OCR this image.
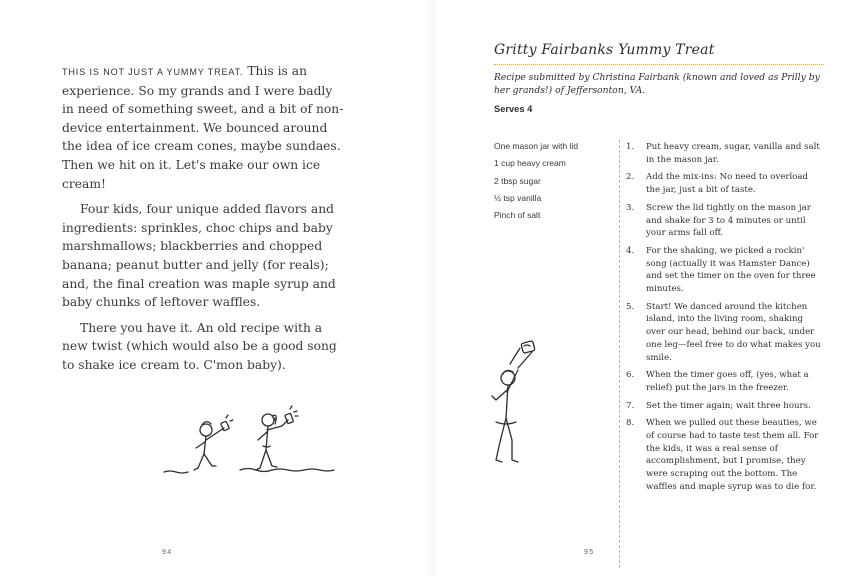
THIS IS NOT JUST A YUMMY TREAT. This is an experience. So my grands and I were badly in need of something sweet, and a bit of non-device entertainment. We bounced around the idea of ice cream cones, maybe sundaes. Then we hit on it. Let's make our own ice cream!

Four kids, four unique added flavors and ingredients: sprinkles, choc chips and baby marshmallows; blackberries and chopped banana; peanut butter and jelly (for reals); and, the final creation was maple syrup and baby chunks of leftover waffles.

There you have it. An old recipe with a new twist (which would also be a good song to shake ice cream to. C'mon baby).

94
Gritty Fairbanks Yummy Treat
Recipe submitted by Christina Fairbank (known and loved as Prilly by her grands!) of Jeffersonton, VA.
Serves 4
One mason jar with lid
1 cup heavy cream
2 tbsp sugar
½ tsp vanilla
Pinch of salt
1.	Put heavy cream, sugar, vanilla and salt in the mason jar.
2.	Add the mix-ins: No need to overload the jar, just a bit of taste.
3.	Screw the lid tightly on the mason jar and shake for 3 to 4 minutes or until your arms fall off.
4.	For the shaking, we picked a rockin' song (actually it was Hamster Dance) and set the timer on the oven for three minutes.
5.	Start! We danced around the kitchen island, into the living room, shaking over our head, behind our back, under one leg—feel free to do what makes you smile.
6.	When the timer goes off, (yes, what a relief) put the jars in the freezer.
7.	Set the timer again; wait three hours.
8.	When we pulled out these beauties, we of course had to taste test them all. For the kids, it was a real sense of accomplishment, but I promise, they were scraping out the bottom. The waffles and maple syrup was to die for.
95
